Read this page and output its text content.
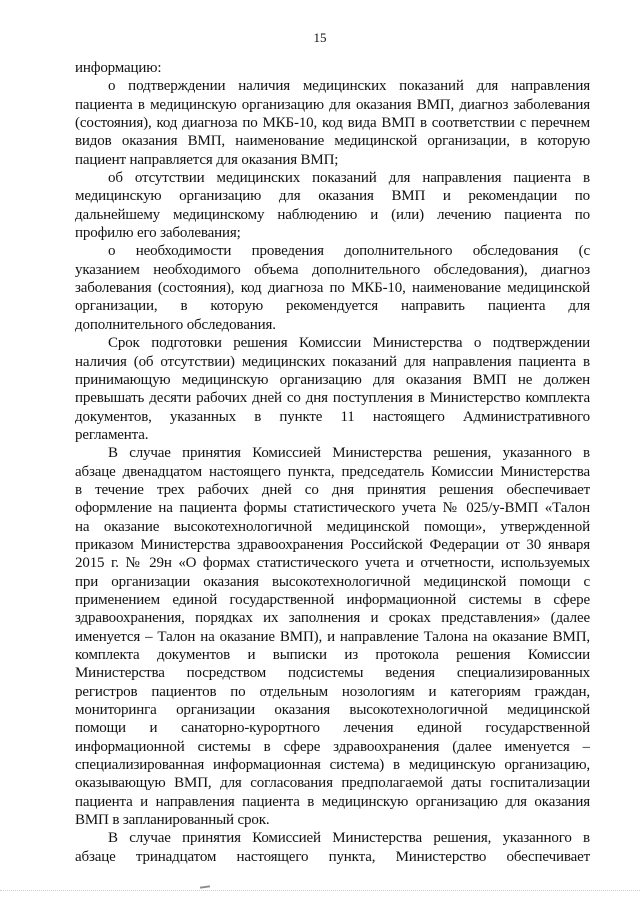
15
информацию:
о подтверждении наличия медицинских показаний для направления
пациента в медицинскую организацию для оказания ВМП, диагноз заболевания
(состояния), код диагноза по МКБ-10, код вида ВМП в соответствии с перечнем
видов оказания ВМП, наименование медицинской организации, в которую
пациент направляется для оказания ВМП;
об отсутствии медицинских показаний для направления пациента в
медицинскую организацию для оказания ВМП и рекомендации по
дальнейшему медицинскому наблюдению и (или) лечению пациента по
профилю его заболевания;
о необходимости проведения дополнительного обследования (с
указанием необходимого объема дополнительного обследования), диагноз
заболевания (состояния), код диагноза по МКБ-10, наименование медицинской
организации, в которую рекомендуется направить пациента для
дополнительного обследования.
Срок подготовки решения Комиссии Министерства о подтверждении
наличия (об отсутствии) медицинских показаний для направления пациента в
принимающую медицинскую организацию для оказания ВМП не должен
превышать десяти рабочих дней со дня поступления в Министерство комплекта
документов, указанных в пункте 11 настоящего Административного
регламента.
В случае принятия Комиссией Министерства решения, указанного в
абзаце двенадцатом настоящего пункта, председатель Комиссии Министерства
в течение трех рабочих дней со дня принятия решения обеспечивает
оформление на пациента формы статистического учета № 025/у-ВМП «Талон
на оказание высокотехнологичной медицинской помощи», утвержденной
приказом Министерства здравоохранения Российской Федерации от 30 января
2015 г. № 29н «О формах статистического учета и отчетности, используемых
при организации оказания высокотехнологичной медицинской помощи с
применением единой государственной информационной системы в сфере
здравоохранения, порядках их заполнения и сроках представления» (далее
именуется – Талон на оказание ВМП), и направление Талона на оказание ВМП,
комплекта документов и выписки из протокола решения Комиссии
Министерства посредством подсистемы ведения специализированных
регистров пациентов по отдельным нозологиям и категориям граждан,
мониторинга организации оказания высокотехнологичной медицинской
помощи и санаторно-курортного лечения единой государственной
информационной системы в сфере здравоохранения (далее именуется –
специализированная информационная система) в медицинскую организацию,
оказывающую ВМП, для согласования предполагаемой даты госпитализации
пациента и направления пациента в медицинскую организацию для оказания
ВМП в запланированный срок.
В случае принятия Комиссией Министерства решения, указанного в
абзаце тринадцатом настоящего пункта, Министерство обеспечивает
